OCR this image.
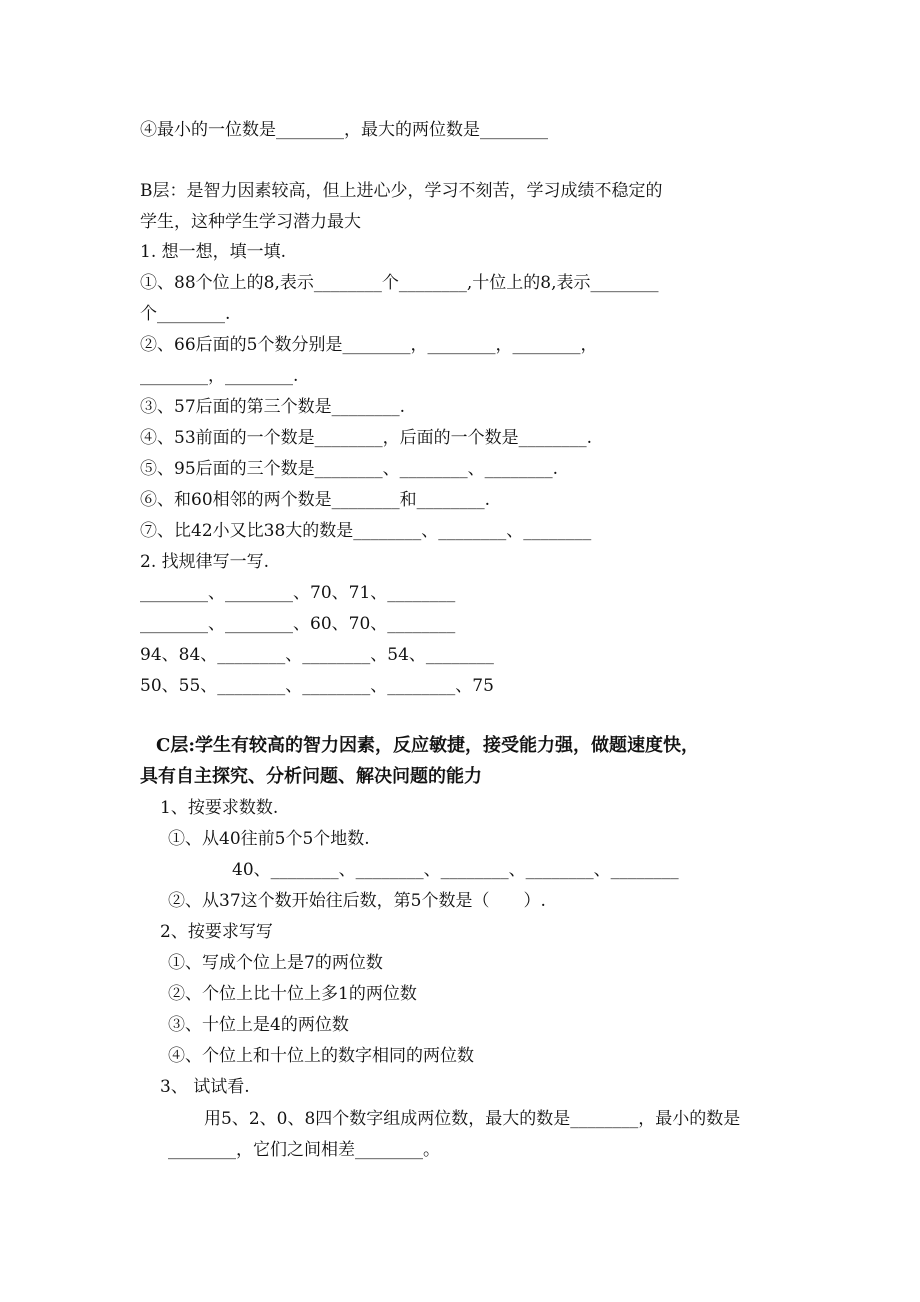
④最小的一位数是________，最大的两位数是________

B层：是智力因素较高，但上进心少，学习不刻苦，学习成绩不稳定的

学生，这种学生学习潜力最大

1. 想一想，填一填.

①、88个位上的8,表示________个________,十位上的8,表示________

个________.

②、66后面的5个数分别是________，________，________，

________，________.

③、57后面的第三个数是________.

④、53前面的一个数是________，后面的一个数是________.

⑤、95后面的三个数是________、________、________.

⑥、和60相邻的两个数是________和________.

⑦、比42小又比38大的数是________、________、________

2. 找规律写一写.

________、________、70、71、________

________、________、60、70、________

94、84、________、________、54、________

50、55、________、________、________、75

C层:学生有较高的智力因素，反应敏捷，接受能力强，做题速度快，

具有自主探究、分析问题、解决问题的能力

1、按要求数数.

①、从40往前5个5个地数.

40、________、________、________、________、________

②、从37这个数开始往后数，第5个数是（　　）.

2、按要求写写

①、写成个位上是7的两位数

②、个位上比十位上多1的两位数

③、十位上是4的两位数

④、个位上和十位上的数字相同的两位数

3、 试试看.

用5、2、0、8四个数字组成两位数，最大的数是________，最小的数是

________，它们之间相差________。
